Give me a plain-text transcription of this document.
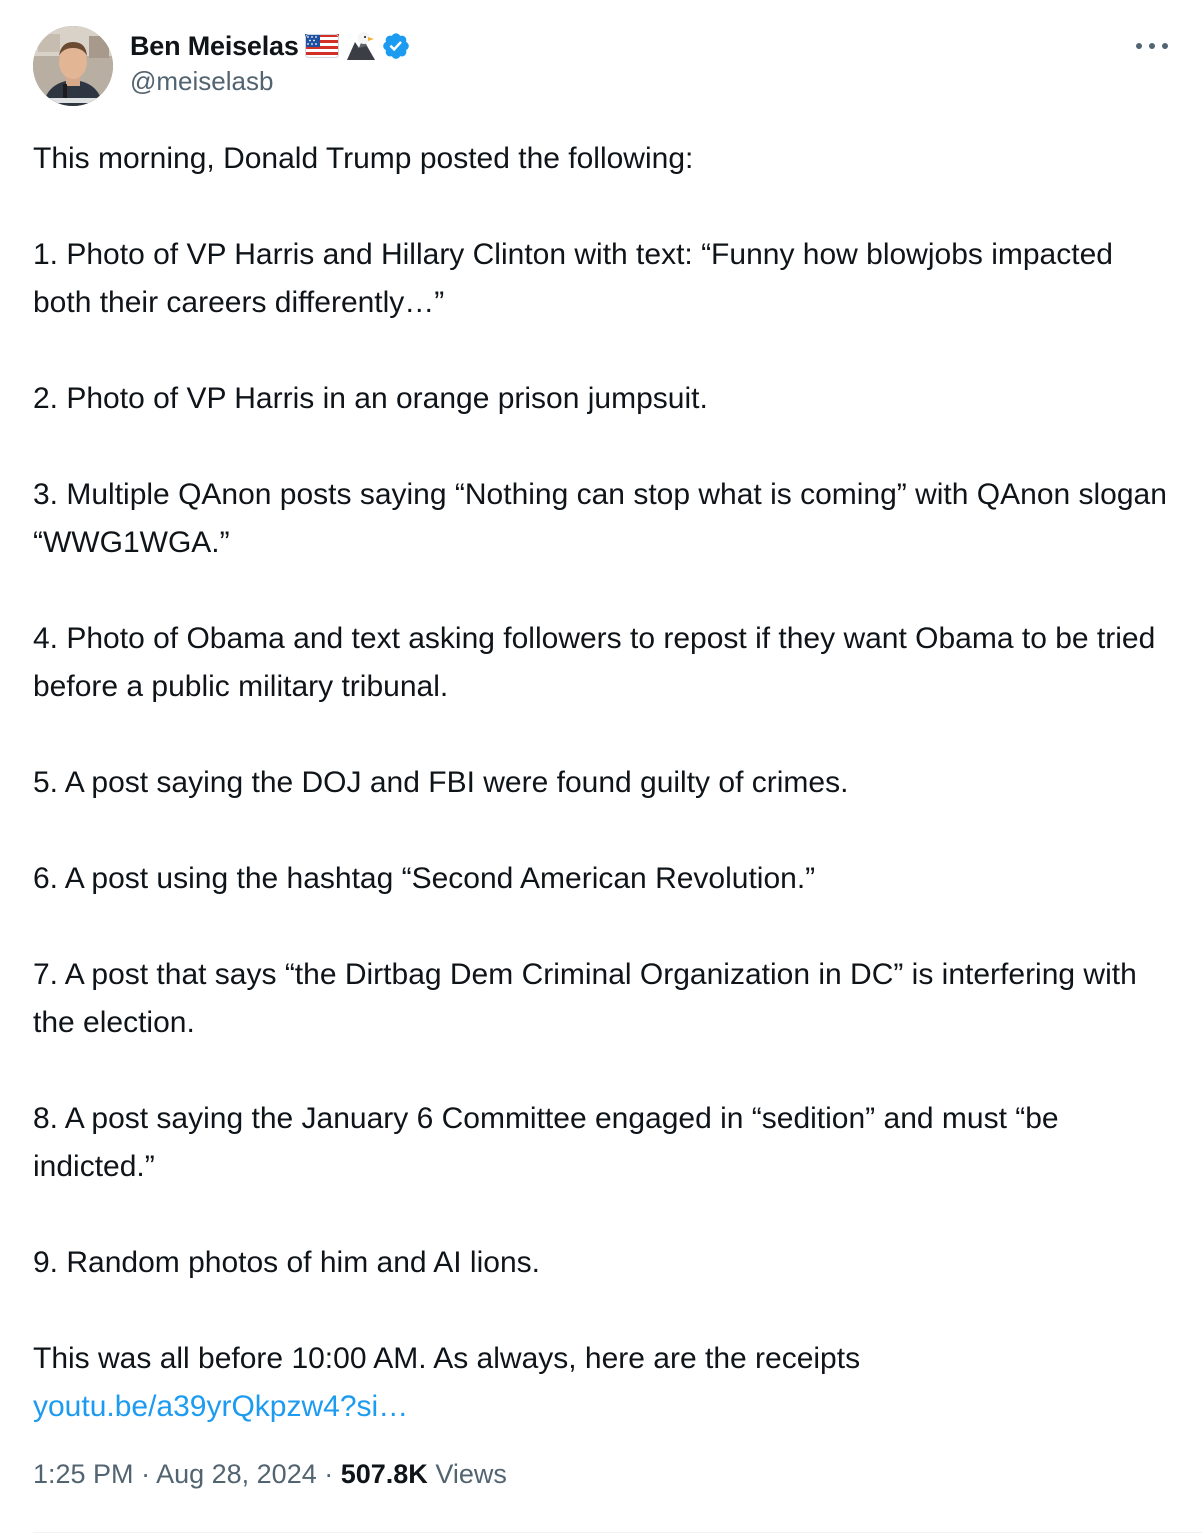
Ben Meiselas
@meiselasb

This morning, Donald Trump posted the following:

1. Photo of VP Harris and Hillary Clinton with text: “Funny how blowjobs impacted both their careers differently…”

2. Photo of VP Harris in an orange prison jumpsuit.

3. Multiple QAnon posts saying “Nothing can stop what is coming” with QAnon slogan “WWG1WGA.”

4. Photo of Obama and text asking followers to repost if they want Obama to be tried before a public military tribunal.

5. A post saying the DOJ and FBI were found guilty of crimes.

6. A post using the hashtag “Second American Revolution.”

7. A post that says “the Dirtbag Dem Criminal Organization in DC” is interfering with the election.

8. A post saying the January 6 Committee engaged in “sedition” and must “be indicted.”

9. Random photos of him and AI lions.

This was all before 10:00 AM. As always, here are the receipts
youtu.be/a39yrQkpzw4?si…

1:25 PM · Aug 28, 2024 · 507.8K Views
